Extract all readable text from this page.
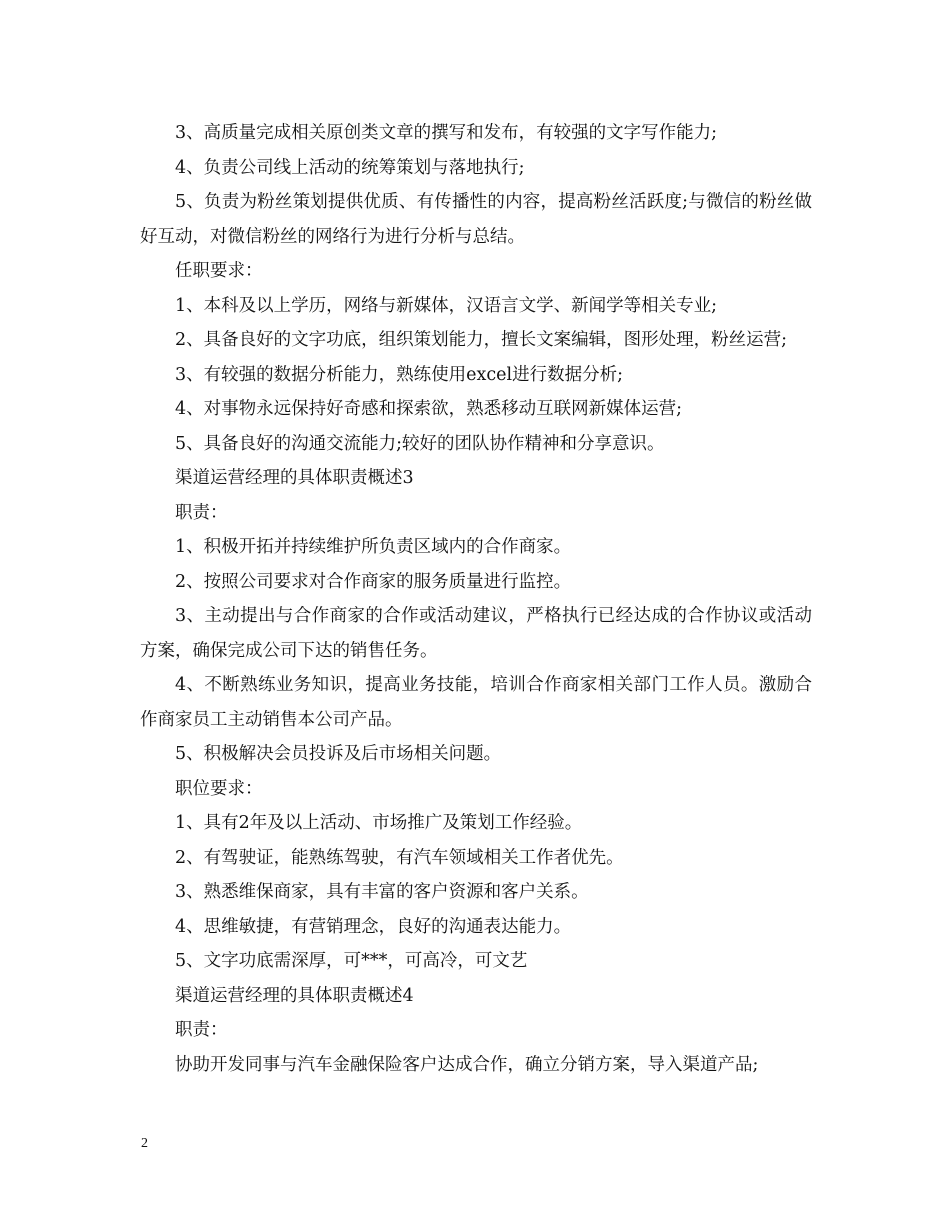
3、高质量完成相关原创类文章的撰写和发布，有较强的文字写作能力;

4、负责公司线上活动的统筹策划与落地执行;

5、负责为粉丝策划提供优质、有传播性的内容，提高粉丝活跃度;与微信的粉丝做好互动，对微信粉丝的网络行为进行分析与总结。

任职要求：

1、本科及以上学历，网络与新媒体，汉语言文学、新闻学等相关专业;

2、具备良好的文字功底，组织策划能力，擅长文案编辑，图形处理，粉丝运营;

3、有较强的数据分析能力，熟练使用excel进行数据分析;

4、对事物永远保持好奇感和探索欲，熟悉移动互联网新媒体运营;

5、具备良好的沟通交流能力;较好的团队协作精神和分享意识。

渠道运营经理的具体职责概述3

职责：

1、积极开拓并持续维护所负责区域内的合作商家。

2、按照公司要求对合作商家的服务质量进行监控。

3、主动提出与合作商家的合作或活动建议，严格执行已经达成的合作协议或活动方案，确保完成公司下达的销售任务。

4、不断熟练业务知识，提高业务技能，培训合作商家相关部门工作人员。激励合作商家员工主动销售本公司产品。

5、积极解决会员投诉及后市场相关问题。

职位要求：

1、具有2年及以上活动、市场推广及策划工作经验。

2、有驾驶证，能熟练驾驶，有汽车领域相关工作者优先。

3、熟悉维保商家，具有丰富的客户资源和客户关系。

4、思维敏捷，有营销理念，良好的沟通表达能力。

5、文字功底需深厚，可***，可高冷，可文艺

渠道运营经理的具体职责概述4

职责：

协助开发同事与汽车金融保险客户达成合作，确立分销方案，导入渠道产品;

2
